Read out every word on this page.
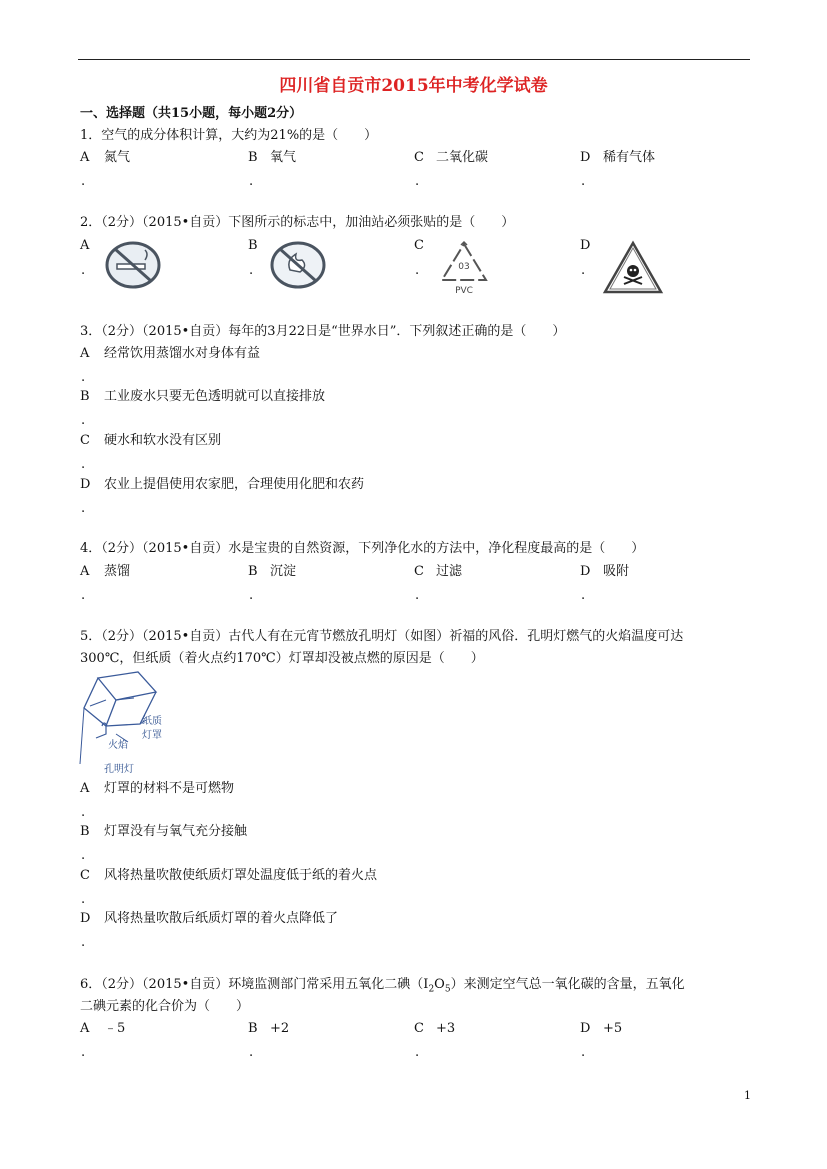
四川省自贡市2015年中考化学试卷
一、选择题（共15小题，每小题2分）
1．空气的成分体积计算，大约为21%的是（　　）
A 氮气	B 氧气	C 二氧化碳	D 稀有气体
.	.	.	.
2．（2分）（2015•自贡）下图所示的标志中，加油站必须张贴的是（　　）
A	B	C	D
.	.	.	.
03
PVC
3．（2分）（2015•自贡）每年的3月22日是“世界水日”．下列叙述正确的是（　　）
A 经常饮用蒸馏水对身体有益
.
B 工业废水只要无色透明就可以直接排放
.
C 硬水和软水没有区别
.
D 农业上提倡使用农家肥，合理使用化肥和农药
.
4．（2分）（2015•自贡）水是宝贵的自然资源，下列净化水的方法中，净化程度最高的是（　　）
A 蒸馏	B 沉淀	C 过滤	D 吸附
.	.	.	.
5．（2分）（2015•自贡）古代人有在元宵节燃放孔明灯（如图）祈福的风俗．孔明灯燃气的火焰温度可达
300℃，但纸质（着火点约170℃）灯罩却没被点燃的原因是（　　）
纸质
灯罩
火焰
孔明灯
A 灯罩的材料不是可燃物
.
B 灯罩没有与氧气充分接触
.
C 风将热量吹散使纸质灯罩处温度低于纸的着火点
.
D 风将热量吹散后纸质灯罩的着火点降低了
.
6．（2分）（2015•自贡）环境监测部门常采用五氧化二碘$(I_2O_5)$来测定空气总一氧化碳的含量，五氧化
二碘元素的化合价为（　　）
A ﹣5	B +2	C +3	D +5
.	.	.	.
1
